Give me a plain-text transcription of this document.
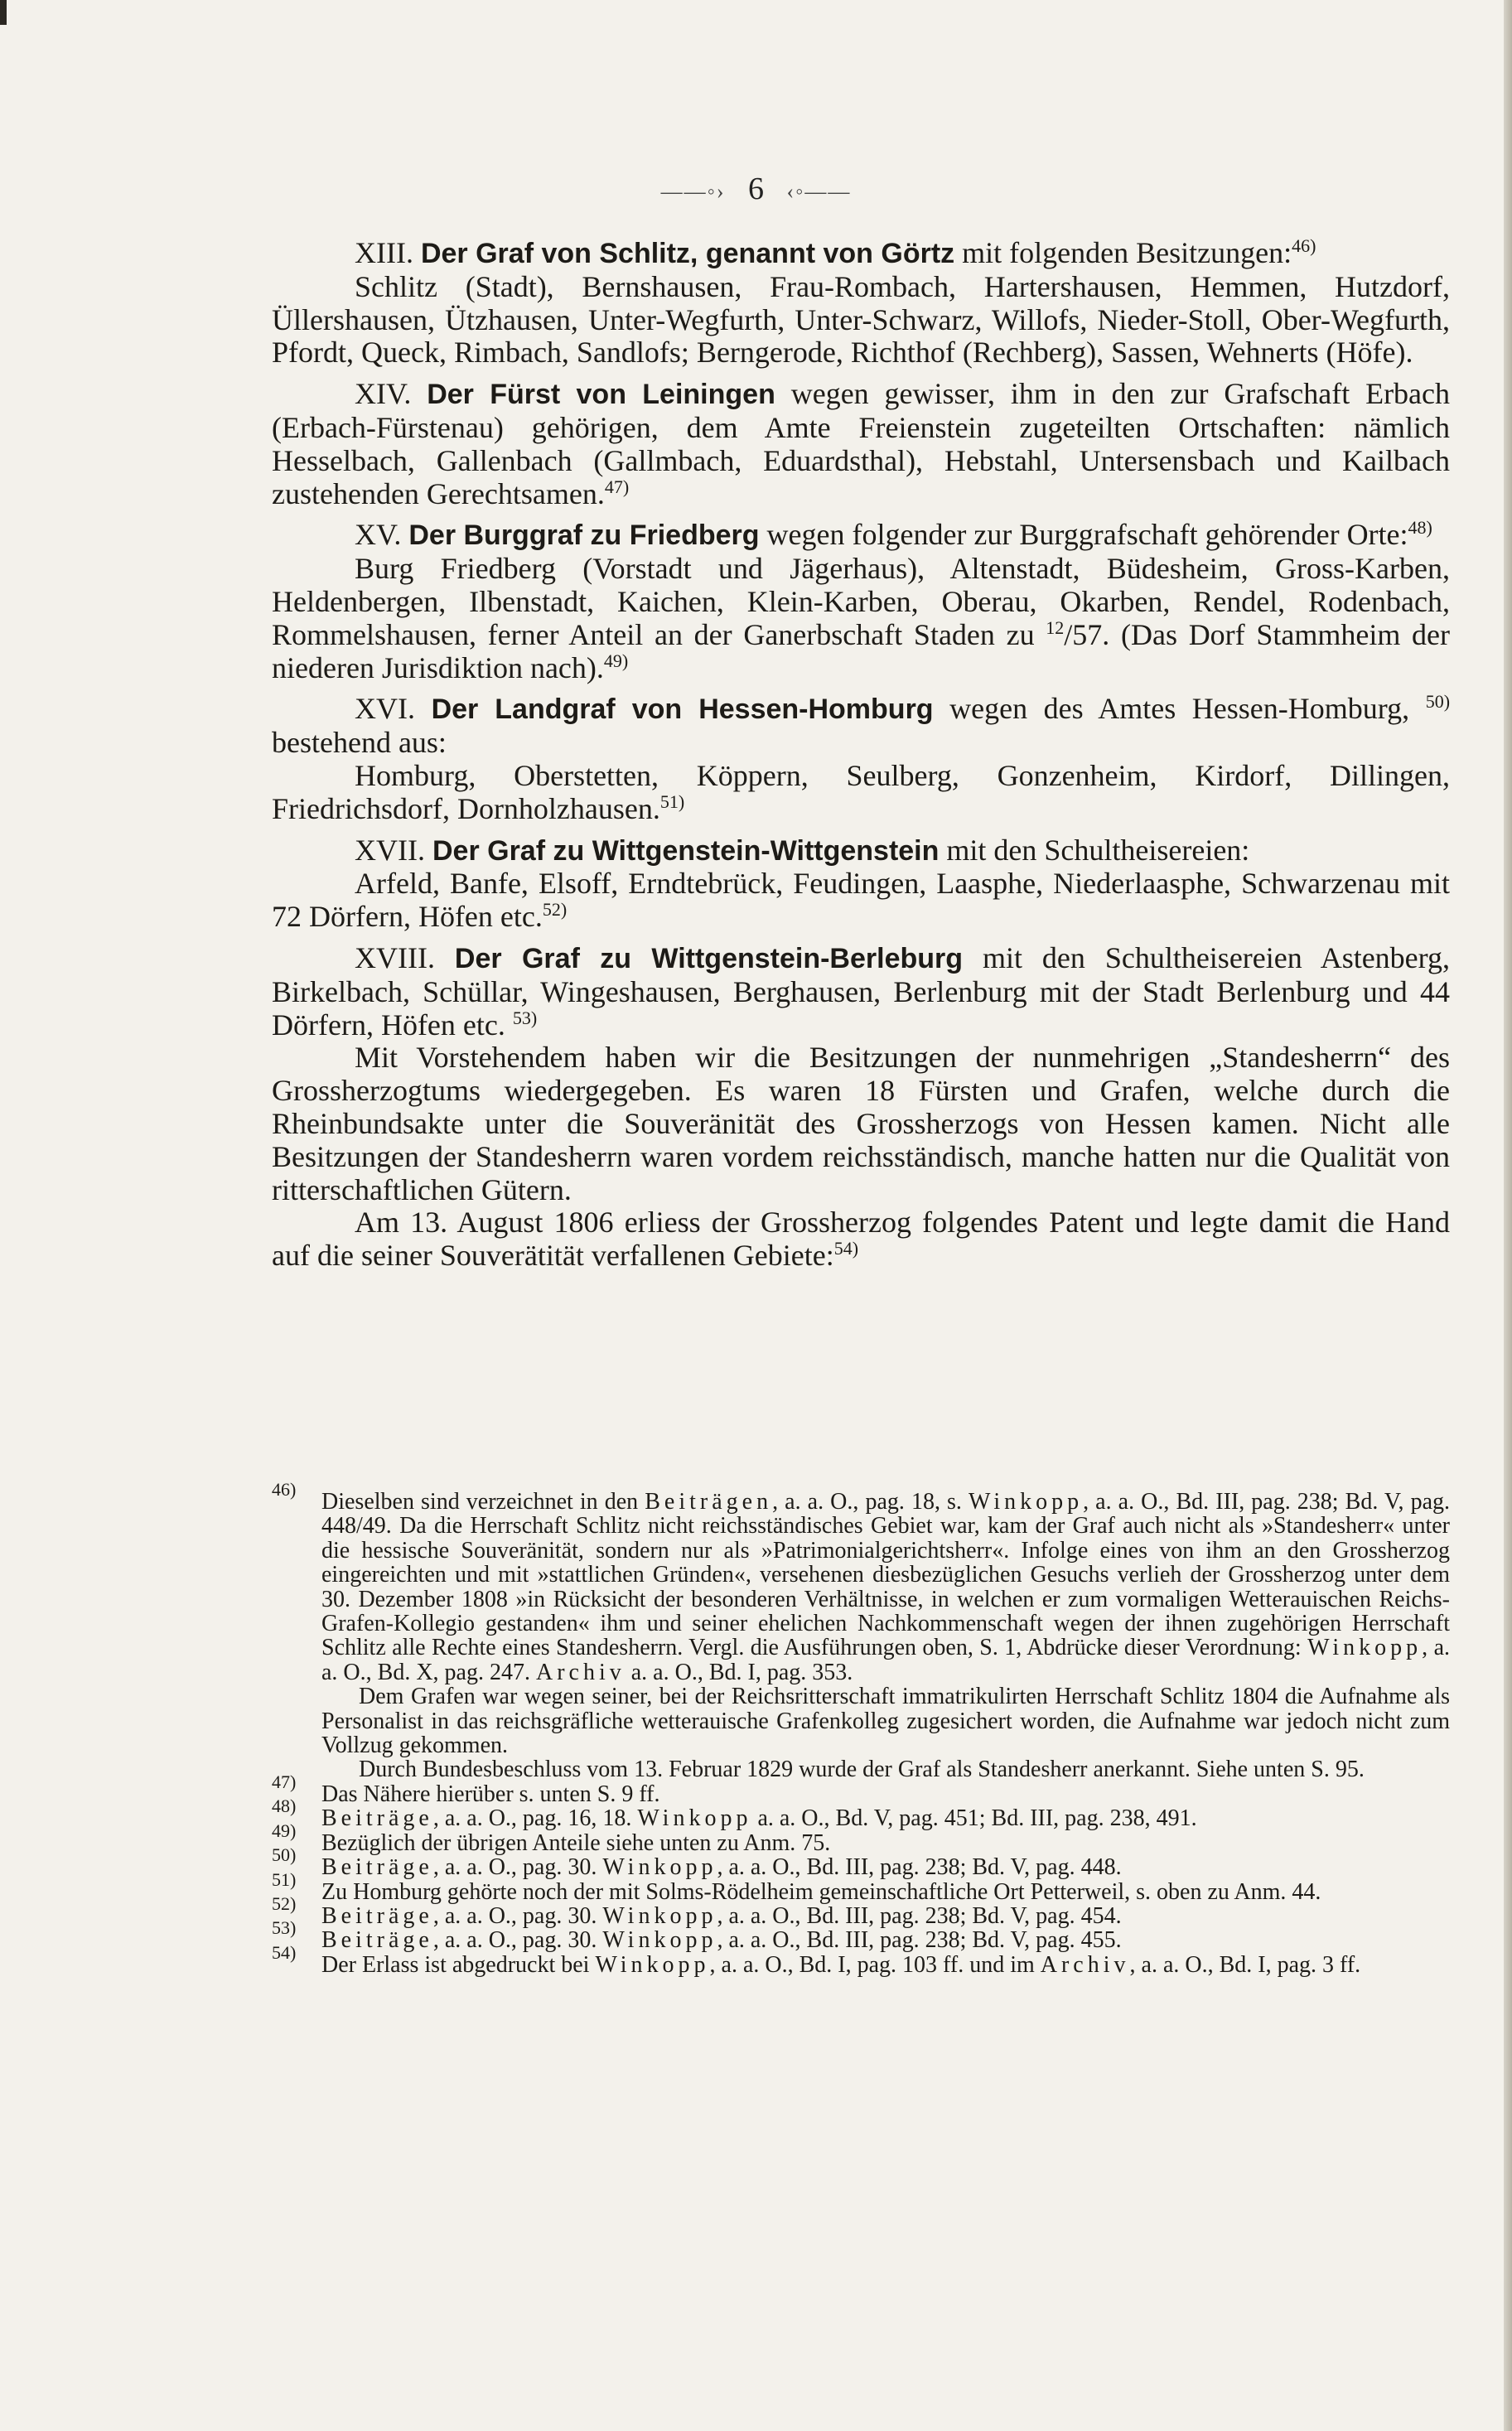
——◦› 6 ‹◦——

XIII. Der Graf von Schlitz, genannt von Görtz mit folgenden Besitzungen:$^{46)}$

Schlitz (Stadt), Bernshausen, Frau-Rombach, Hartershausen, Hemmen, Hutzdorf, Üllershausen, Ützhausen, Unter-Wegfurth, Unter-Schwarz, Willofs, Nieder-Stoll, Ober-Wegfurth, Pfordt, Queck, Rimbach, Sandlofs; Berngerode, Richthof (Rechberg), Sassen, Wehnerts (Höfe).

XIV. Der Fürst von Leiningen wegen gewisser, ihm in den zur Grafschaft Erbach (Erbach-Fürstenau) gehörigen, dem Amte Freienstein zugeteilten Ortschaften: nämlich Hesselbach, Gallenbach (Gallmbach, Eduardsthal), Hebstahl, Untersensbach und Kailbach zustehenden Gerechtsamen.$^{47)}$

XV. Der Burggraf zu Friedberg wegen folgender zur Burggrafschaft gehörender Orte:$^{48)}$

Burg Friedberg (Vorstadt und Jägerhaus), Altenstadt, Büdesheim, Gross-Karben, Heldenbergen, Ilbenstadt, Kaichen, Klein-Karben, Oberau, Okarben, Rendel, Rodenbach, Rommelshausen, ferner Anteil an der Ganerbschaft Staden zu $^{12}$/57. (Das Dorf Stammheim der niederen Jurisdiktion nach).$^{49)}$

XVI. Der Landgraf von Hessen-Homburg wegen des Amtes Hessen-Homburg, $^{50)}$ bestehend aus:

Homburg, Oberstetten, Köppern, Seulberg, Gonzenheim, Kirdorf, Dillingen, Friedrichsdorf, Dornholzhausen.$^{51)}$

XVII. Der Graf zu Wittgenstein-Wittgenstein mit den Schultheisereien:

Arfeld, Banfe, Elsoff, Erndtebrück, Feudingen, Laasphe, Niederlaasphe, Schwarzenau mit 72 Dörfern, Höfen etc.$^{52)}$

XVIII. Der Graf zu Wittgenstein-Berleburg mit den Schultheisereien Astenberg, Birkelbach, Schüllar, Wingeshausen, Berghausen, Berlenburg mit der Stadt Berlenburg und 44 Dörfern, Höfen etc. $^{53)}$

Mit Vorstehendem haben wir die Besitzungen der nunmehrigen „Standesherrn“ des Grossherzogtums wiedergegeben. Es waren 18 Fürsten und Grafen, welche durch die Rheinbundsakte unter die Souveränität des Grossherzogs von Hessen kamen. Nicht alle Besitzungen der Standesherrn waren vordem reichsständisch, manche hatten nur die Qualität von ritterschaftlichen Gütern.

Am 13. August 1806 erliess der Grossherzog folgendes Patent und legte damit die Hand auf die seiner Souverätität verfallenen Gebiete:$^{54)}$

46) Dieselben sind verzeichnet in den Beiträgen, a. a. O., pag. 18, s. Winkopp, a. a. O., Bd. III, pag. 238; Bd. V, pag. 448/49. Da die Herrschaft Schlitz nicht reichsständisches Gebiet war, kam der Graf auch nicht als »Standesherr« unter die hessische Souveränität, sondern nur als »Patrimonialgerichtsherr«. Infolge eines von ihm an den Grossherzog eingereichten und mit »stattlichen Gründen«, versehenen diesbezüglichen Gesuchs verlieh der Grossherzog unter dem 30. Dezember 1808 »in Rücksicht der besonderen Verhältnisse, in welchen er zum vormaligen Wetterauischen Reichs-Grafen-Kollegio gestanden« ihm und seiner ehelichen Nachkommenschaft wegen der ihnen zugehörigen Herrschaft Schlitz alle Rechte eines Standesherrn. Vergl. die Ausführungen oben, S. 1, Abdrücke dieser Verordnung: Winkopp, a. a. O., Bd. X, pag. 247. Archiv a. a. O., Bd. I, pag. 353.

Dem Grafen war wegen seiner, bei der Reichsritterschaft immatrikulirten Herrschaft Schlitz 1804 die Aufnahme als Personalist in das reichsgräfliche wetterauische Grafenkolleg zugesichert worden, die Aufnahme war jedoch nicht zum Vollzug gekommen.

Durch Bundesbeschluss vom 13. Februar 1829 wurde der Graf als Standesherr anerkannt. Siehe unten S. 95.

47) Das Nähere hierüber s. unten S. 9 ff.

48) Beiträge, a. a. O., pag. 16, 18. Winkopp a. a. O., Bd. V, pag. 451; Bd. III, pag. 238, 491.

49) Bezüglich der übrigen Anteile siehe unten zu Anm. 75.

50) Beiträge, a. a. O., pag. 30. Winkopp, a. a. O., Bd. III, pag. 238; Bd. V, pag. 448.

51) Zu Homburg gehörte noch der mit Solms-Rödelheim gemeinschaftliche Ort Petterweil, s. oben zu Anm. 44.

52) Beiträge, a. a. O., pag. 30. Winkopp, a. a. O., Bd. III, pag. 238; Bd. V, pag. 454.

53) Beiträge, a. a. O., pag. 30. Winkopp, a. a. O., Bd. III, pag. 238; Bd. V, pag. 455.

54) Der Erlass ist abgedruckt bei Winkopp, a. a. O., Bd. I, pag. 103 ff. und im Archiv, a. a. O., Bd. I, pag. 3 ff.
